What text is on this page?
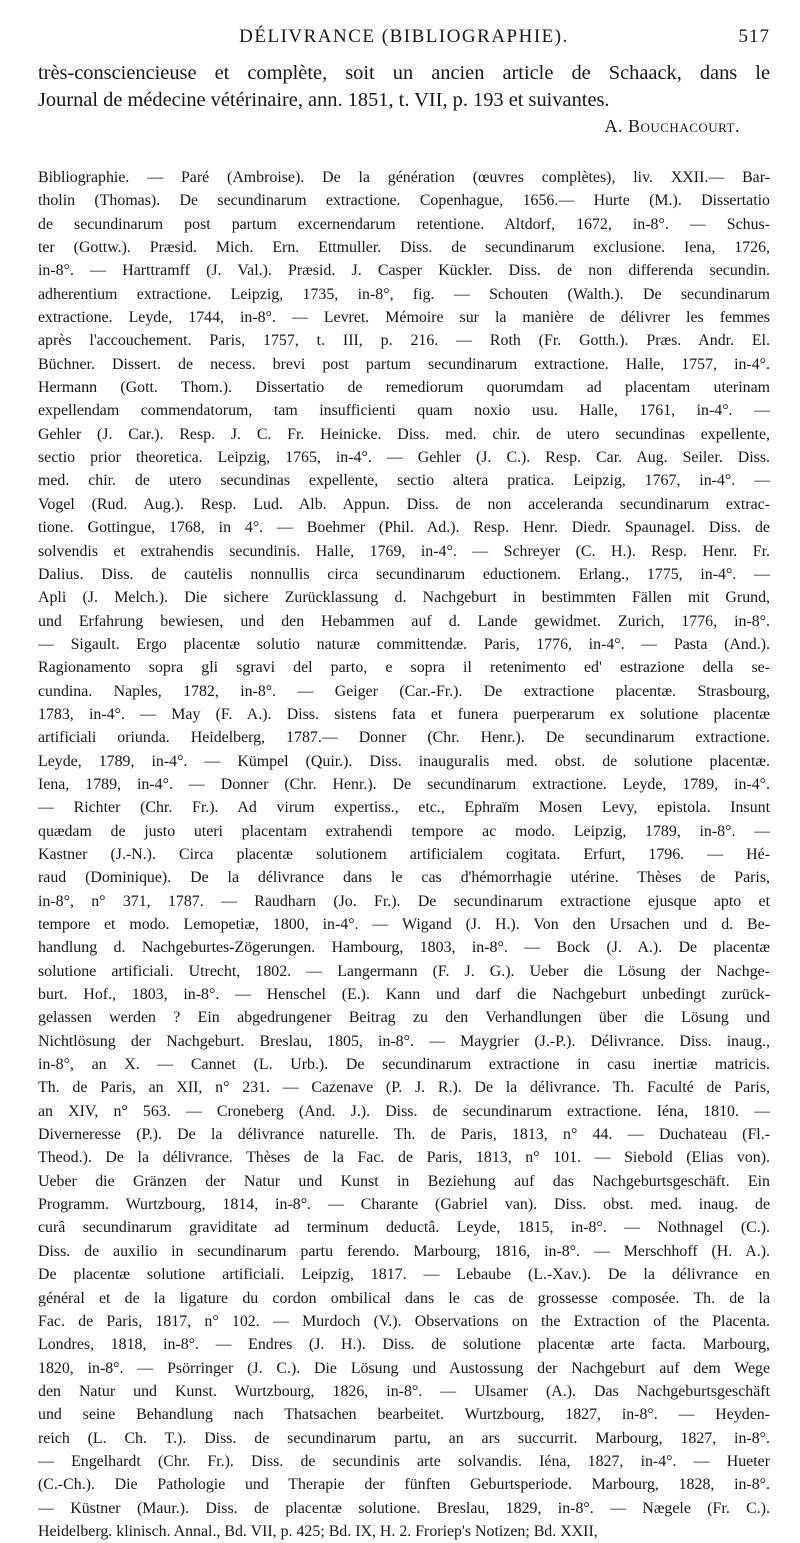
DÉLIVRANCE (BIBLIOGRAPHIE).	517

très-consciencieuse et complète, soit un ancien article de Schaack, dans le
Journal de médecine vétérinaire, ann. 1851, t. VII, p. 193 et suivantes.

A. Bouchacourt.
Bibliographie. — Paré (Ambroise). De la génération (œuvres complètes), liv. XXII.— Bar-
tholin (Thomas). De secundinarum extractione. Copenhague, 1656.— Hurte (M.). Dissertatio
de secundinarum post partum excernendarum retentione. Altdorf, 1672, in-8°. — Schus-
ter (Gottw.). Præsid. Mich. Ern. Ettmuller. Diss. de secundinarum exclusione. Iena, 1726,
in-8°. — Harttramff (J. Val.). Præsid. J. Casper Kückler. Diss. de non differenda secundin.
adherentium extractione. Leipzig, 1735, in-8°, fig. — Schouten (Walth.). De secundinarum
extractione. Leyde, 1744, in-8°. — Levret. Mémoire sur la manière de délivrer les femmes
après l'accouchement. Paris, 1757, t. III, p. 216. — Roth (Fr. Gotth.). Præs. Andr. El.
Büchner. Dissert. de necess. brevi post partum secundinarum extractione. Halle, 1757, in-4°.
Hermann (Gott. Thom.). Dissertatio de remediorum quorumdam ad placentam uterinam
expellendam commendatorum, tam insufficienti quam noxio usu. Halle, 1761, in-4°. —
Gehler (J. Car.). Resp. J. C. Fr. Heinicke. Diss. med. chir. de utero secundinas expellente,
sectio prior theoretica. Leipzig, 1765, in-4°. — Gehler (J. C.). Resp. Car. Aug. Seiler. Diss.
med. chir. de utero secundinas expellente, sectio altera pratica. Leipzig, 1767, in-4°. —
Vogel (Rud. Aug.). Resp. Lud. Alb. Appun. Diss. de non acceleranda secundinarum extrac-
tione. Gottingue, 1768, in 4°. — Boehmer (Phil. Ad.). Resp. Henr. Diedr. Spaunagel. Diss. de
solvendis et extrahendis secundinis. Halle, 1769, in-4°. — Schreyer (C. H.). Resp. Henr. Fr.
Dalius. Diss. de cautelis nonnullis circa secundinarum eductionem. Erlang., 1775, in-4°. —
Apli (J. Melch.). Die sichere Zurücklassung d. Nachgeburt in bestimmten Fällen mit Grund,
und Erfahrung bewiesen, und den Hebammen auf d. Lande gewidmet. Zurich, 1776, in-8°.
— Sigault. Ergo placentæ solutio naturæ committendæ. Paris, 1776, in-4°. — Pasta (And.).
Ragionamento sopra gli sgravi del parto, e sopra il retenimento ed' estrazione della se-
cundina. Naples, 1782, in-8°. — Geiger (Car.-Fr.). De extractione placentæ. Strasbourg,
1783, in-4°. — May (F. A.). Diss. sistens fata et funera puerperarum ex solutione placentæ
artificiali oriunda. Heidelberg, 1787.— Donner (Chr. Henr.). De secundinarum extractione.
Leyde, 1789, in-4°. — Kümpel (Quir.). Diss. inauguralis med. obst. de solutione placentæ.
Iena, 1789, in-4°. — Donner (Chr. Henr.). De secundinarum extractione. Leyde, 1789, in-4°.
— Richter (Chr. Fr.). Ad virum expertiss., etc., Ephraïm Mosen Levy, epistola. Insunt
quædam de justo uteri placentam extrahendi tempore ac modo. Leipzig, 1789, in-8°. —
Kastner (J.-N.). Circa placentæ solutionem artificialem cogitata. Erfurt, 1796. — Hé-
raud (Dominique). De la délivrance dans le cas d'hémorrhagie utérine. Thèses de Paris,
in-8°, n° 371, 1787. — Raudharn (Jo. Fr.). De secundinarum extractione ejusque apto et
tempore et modo. Lemopetiæ, 1800, in-4°. — Wigand (J. H.). Von den Ursachen und d. Be-
handlung d. Nachgeburtes-Zögerungen. Hambourg, 1803, in-8°. — Bock (J. A.). De placentæ
solutione artificiali. Utrecht, 1802. — Langermann (F. J. G.). Ueber die Lösung der Nachge-
burt. Hof., 1803, in-8°. — Henschel (E.). Kann und darf die Nachgeburt unbedingt zurück-
gelassen werden ? Ein abgedrungener Beitrag zu den Verhandlungen über die Lösung und
Nichtlösung der Nachgeburt. Breslau, 1805, in-8°. — Maygrier (J.-P.). Délivrance. Diss. inaug.,
in-8°, an X. — Cannet (L. Urb.). De secundinarum extractione in casu inertiæ matricis.
Th. de Paris, an XII, n° 231. — Cazenave (P. J. R.). De la délivrance. Th. Faculté de Paris,
an XIV, n° 563. — Croneberg (And. J.). Diss. de secundinarum extractione. Iéna, 1810. —
Diverneresse (P.). De la délivrance naturelle. Th. de Paris, 1813, n° 44. — Duchateau (Fl.-
Theod.). De la délivrance. Thèses de la Fac. de Paris, 1813, n° 101. — Siebold (Elias von).
Ueber die Gränzen der Natur und Kunst in Beziehung auf das Nachgeburtsgeschäft. Ein
Programm. Wurtzbourg, 1814, in-8°. — Charante (Gabriel van). Diss. obst. med. inaug. de
curâ secundinarum graviditate ad terminum deductâ. Leyde, 1815, in-8°. — Nothnagel (C.).
Diss. de auxilio in secundinarum partu ferendo. Marbourg, 1816, in-8°. — Merschhoff (H. A.).
De placentæ solutione artificiali. Leipzig, 1817. — Lebaube (L.-Xav.). De la délivrance en
général et de la ligature du cordon ombilical dans le cas de grossesse composée. Th. de la
Fac. de Paris, 1817, n° 102. — Murdoch (V.). Observations on the Extraction of the Placenta.
Londres, 1818, in-8°. — Endres (J. H.). Diss. de solutione placentæ arte facta. Marbourg,
1820, in-8°. — Psörringer (J. C.). Die Lösung und Austossung der Nachgeburt auf dem Wege
den Natur und Kunst. Wurtzbourg, 1826, in-8°. — Ulsamer (A.). Das Nachgeburtsgeschäft
und seine Behandlung nach Thatsachen bearbeitet. Wurtzbourg, 1827, in-8°. — Heyden-
reich (L. Ch. T.). Diss. de secundinarum partu, an ars succurrit. Marbourg, 1827, in-8°.
— Engelhardt (Chr. Fr.). Diss. de secundinis arte solvandis. Iéna, 1827, in-4°. — Hueter
(C.-Ch.). Die Pathologie und Therapie der fünften Geburtsperiode. Marbourg, 1828, in-8°.
— Küstner (Maur.). Diss. de placentæ solutione. Breslau, 1829, in-8°. — Nægele (Fr. C.).
Heidelberg. klinisch. Annal., Bd. VII, p. 425; Bd. IX, H. 2. Froriep's Notizen; Bd. XXII,
